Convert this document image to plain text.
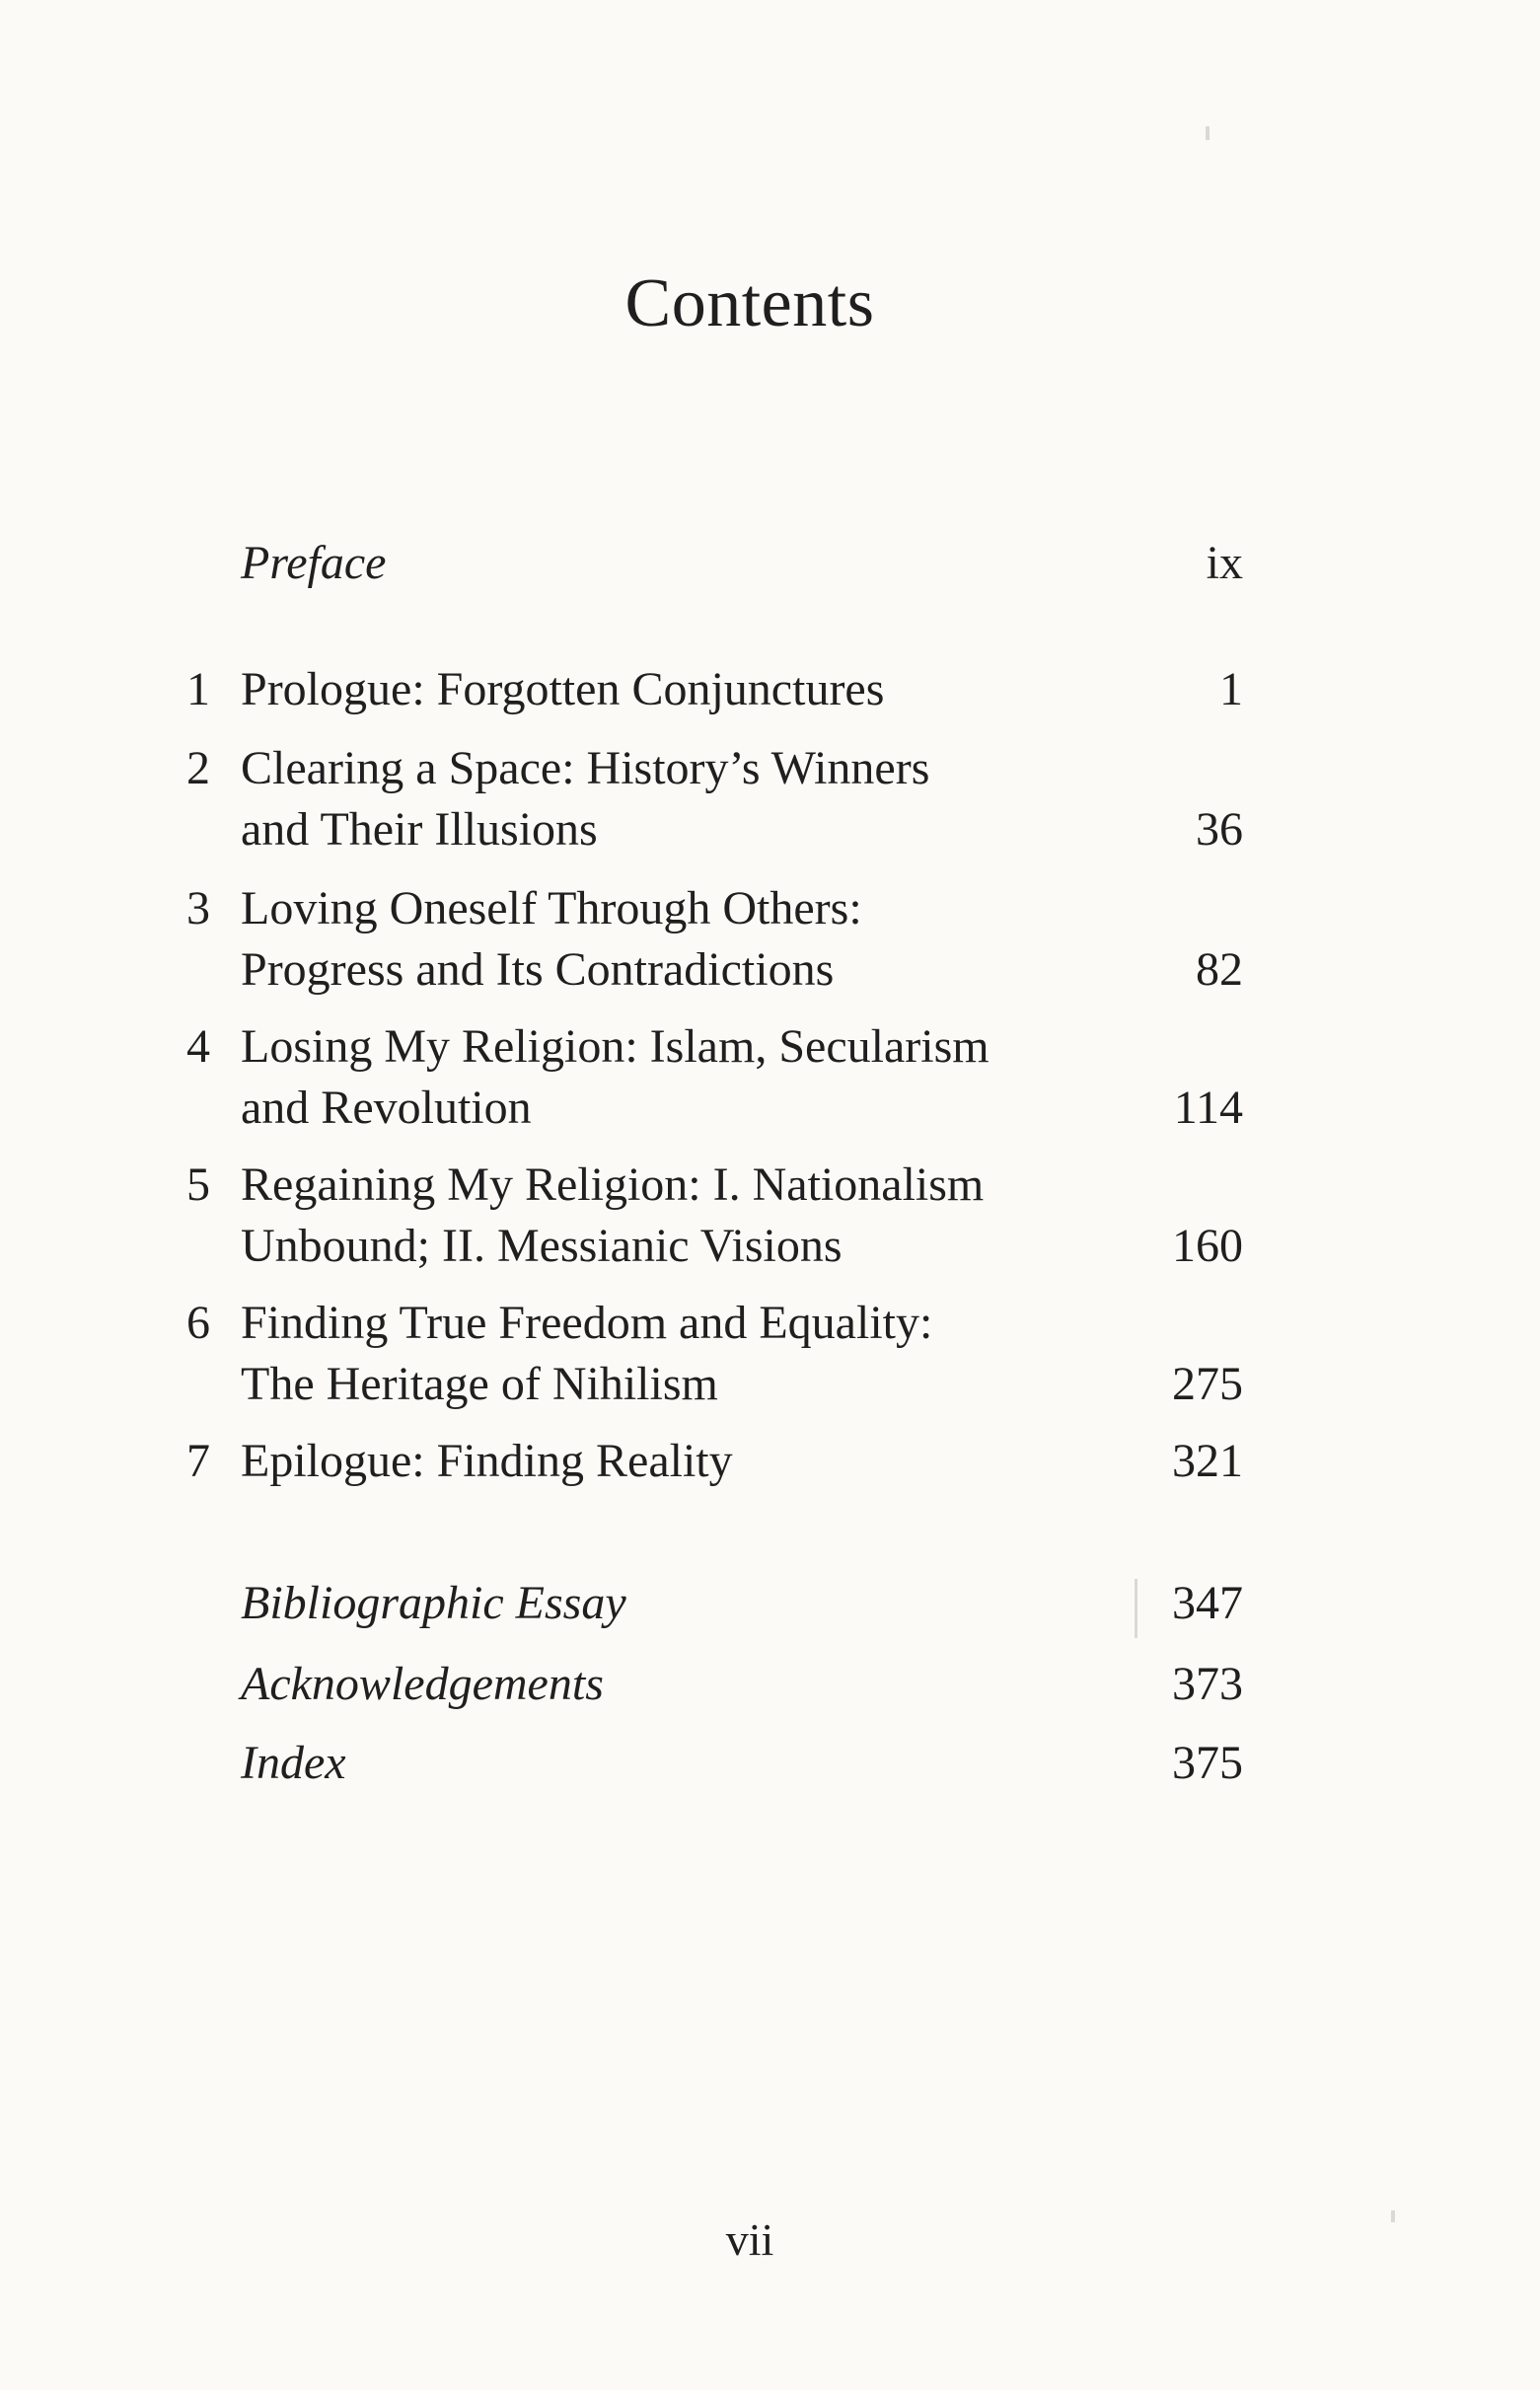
Contents
Preface	ix
1 Prologue: Forgotten Conjunctures	1
2 Clearing a Space: History’s Winners
and Their Illusions	36
3 Loving Oneself Through Others:
Progress and Its Contradictions	82
4 Losing My Religion: Islam, Secularism
and Revolution	114
5 Regaining My Religion: I. Nationalism
Unbound; II. Messianic Visions	160
6 Finding True Freedom and Equality:
The Heritage of Nihilism	275
7 Epilogue: Finding Reality	321
Bibliographic Essay	347
Acknowledgements	373
Index	375
vii
